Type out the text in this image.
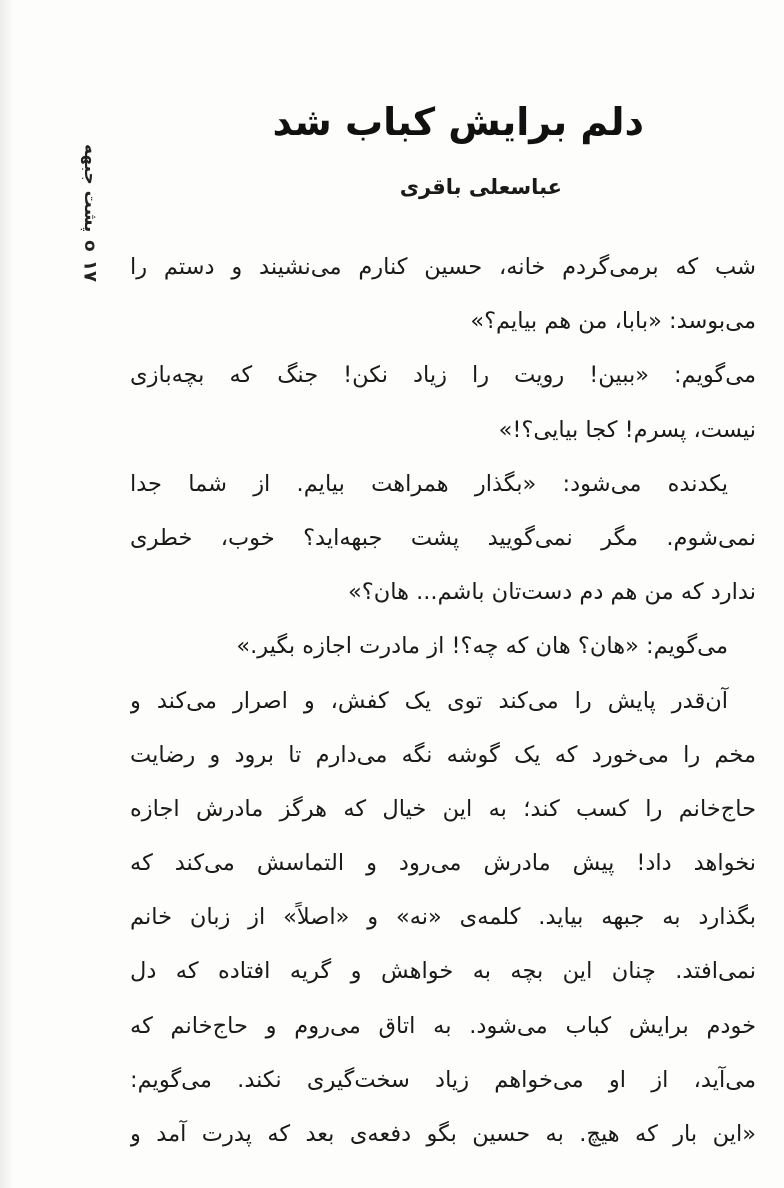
۱۷
o
پشت جبهه
دلم برایش کباب شد
عباسعلی باقری
شب که برمی‌گردم خانه، حسین کنارم می‌نشیند و دستم را
می‌بوسد: «بابا، من هم بیایم؟»
می‌گویم: «ببین! رویت را زیاد نکن! جنگ که بچه‌بازی
نیست، پسرم! کجا بیایی؟!»
یکدنده می‌شود: «بگذار همراهت بیایم. از شما جدا
نمی‌شوم. مگر نمی‌گویید پشت جبهه‌اید؟ خوب، خطری
ندارد که من هم دم دست‌تان باشم... هان؟»
می‌گویم: «هان؟ هان که چه؟! از مادرت اجازه بگیر.»
آن‌قدر پایش را می‌کند توی یک کفش، و اصرار می‌کند و
مخم را می‌خورد که یک گوشه نگه می‌دارم تا برود و رضایت
حاج‌خانم را کسب کند؛ به این خیال که هرگز مادرش اجازه
نخواهد داد! پیش مادرش می‌رود و التماسش می‌کند که
بگذارد به جبهه بیاید. کلمه‌ی «نه» و «اصلاً» از زبان خانم
نمی‌افتد. چنان این بچه به خواهش و گریه افتاده که دل
خودم برایش کباب می‌شود. به اتاق می‌روم و حاج‌خانم که
می‌آید، از او می‌خواهم زیاد سخت‌گیری نکند. می‌گویم:
«این بار که هیچ. به حسین بگو دفعه‌ی بعد که پدرت آمد و
